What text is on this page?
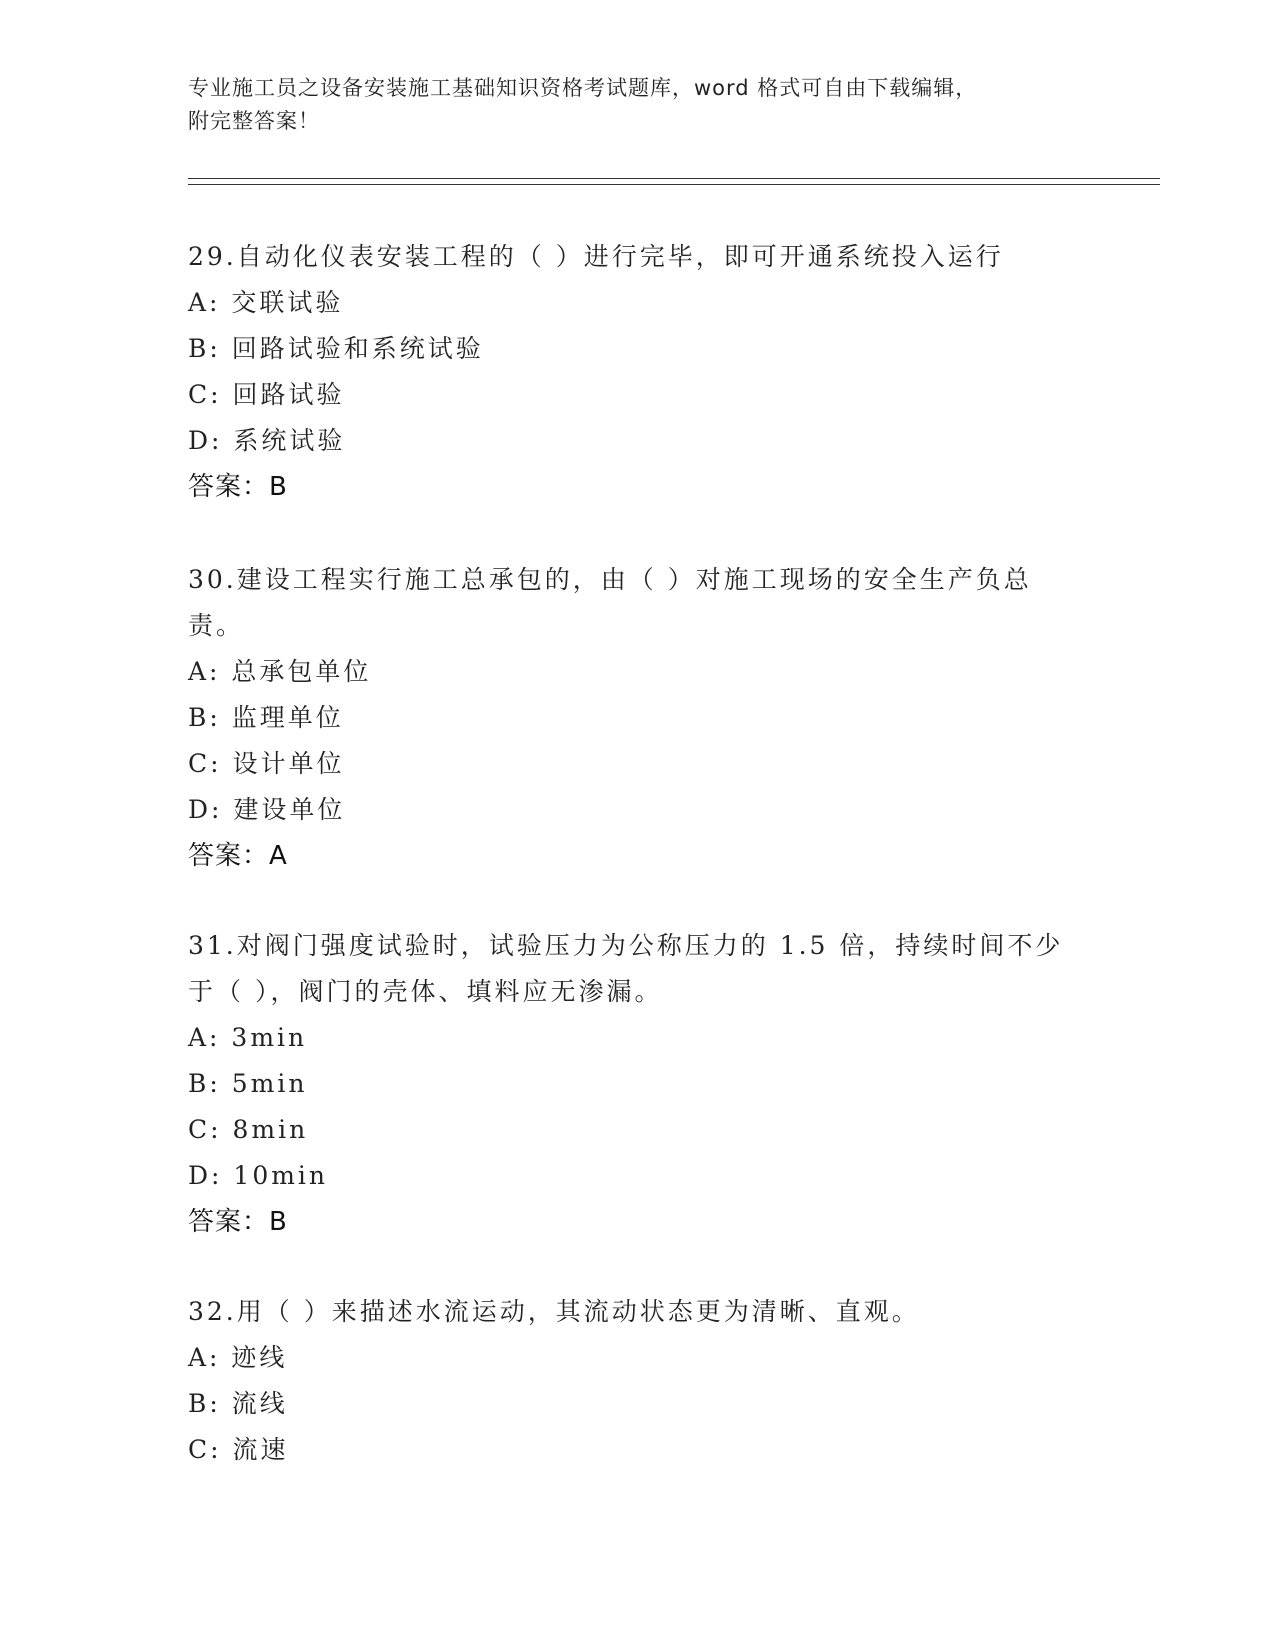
专业施工员之设备安装施工基础知识资格考试题库，word 格式可自由下载编辑，
附完整答案！

29.自动化仪表安装工程的（ ）进行完毕，即可开通系统投入运行

A: 交联试验

B: 回路试验和系统试验

C: 回路试验

D: 系统试验

答案：B

30.建设工程实行施工总承包的，由（ ）对施工现场的安全生产负总

责。

A: 总承包单位

B: 监理单位

C: 设计单位

D: 建设单位

答案：A

31.对阀门强度试验时，试验压力为公称压力的 1.5 倍，持续时间不少

于（ ），阀门的壳体、填料应无渗漏。

A: 3min

B: 5min

C: 8min

D: 10min

答案：B

32.用（ ）来描述水流运动，其流动状态更为清晰、直观。

A: 迹线

B: 流线

C: 流速
